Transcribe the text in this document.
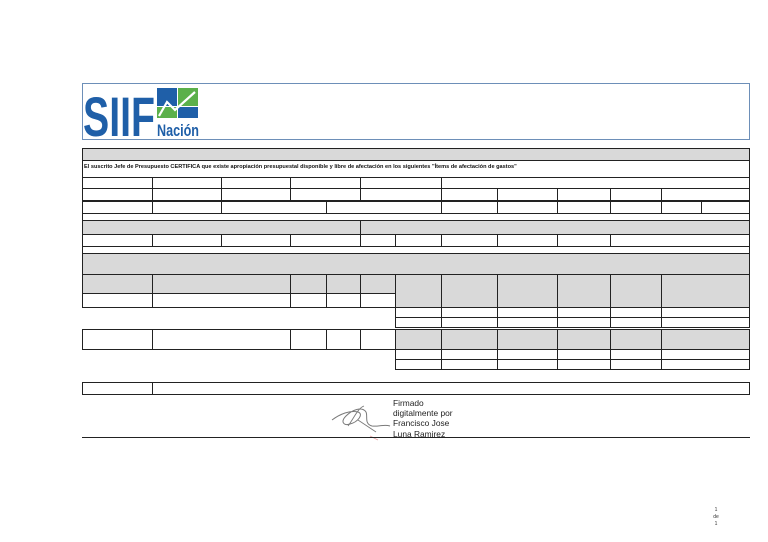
SIIF Nación
El suscrito Jefe de Presupuesto CERTIFICA que existe apropiación presupuestal disponible y libre de afectación en los siguientes "Ítems de afectación de gastos"
Firmado
digitalmente por
Francisco Jose
Luna Ramirez
1
de
1
